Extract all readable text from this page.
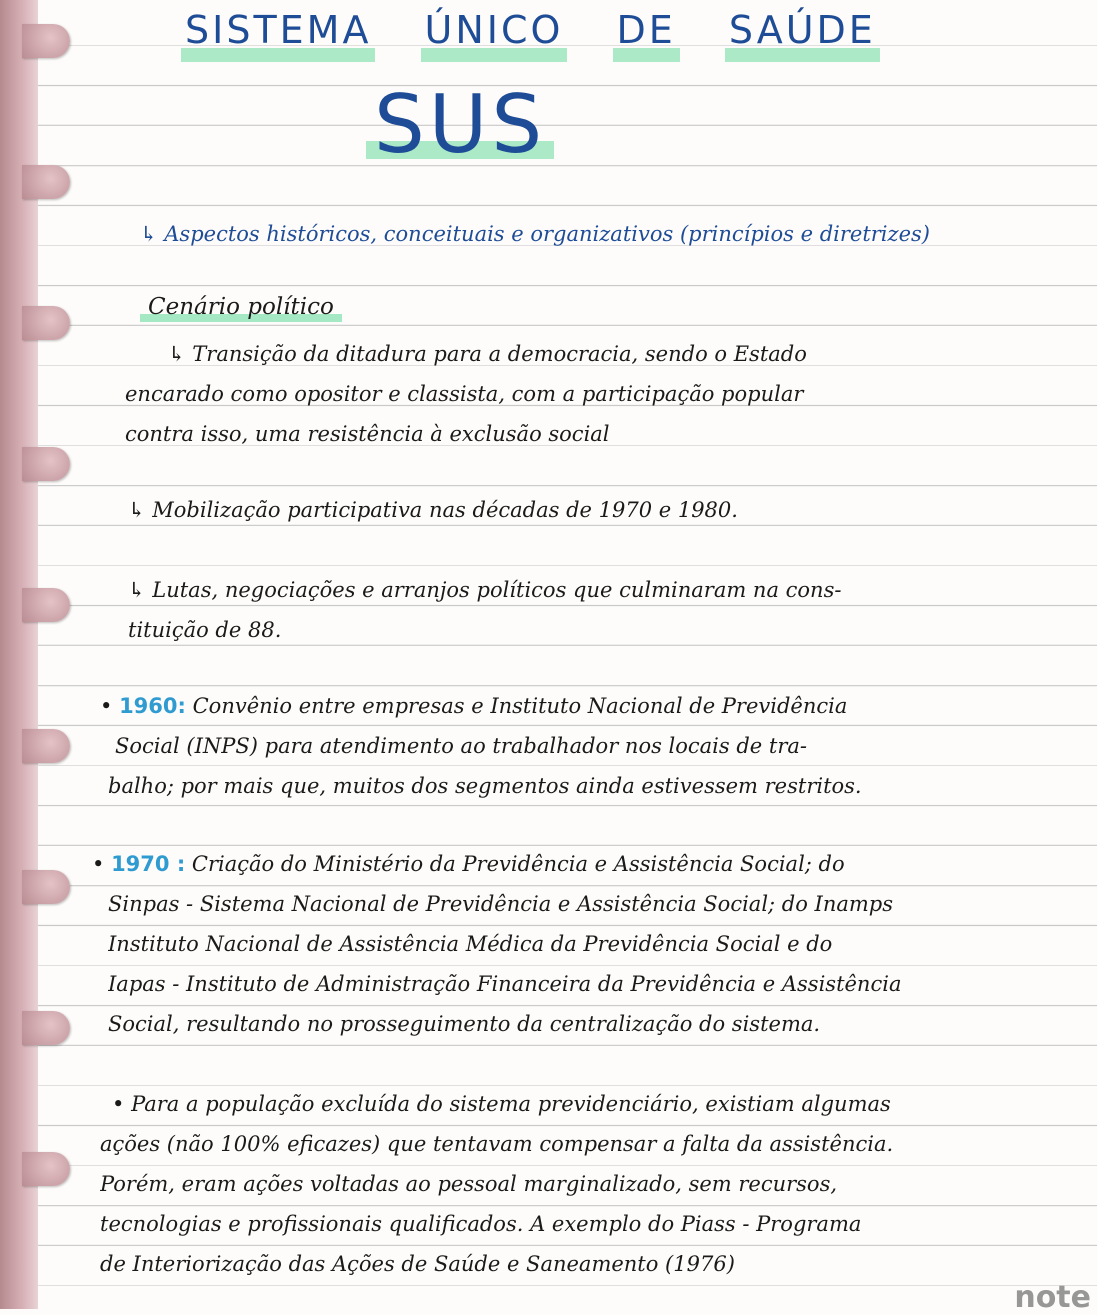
SISTEMA ÚNICO DE SAÚDE
SUS
↳ Aspectos históricos, conceituais e organizativos (princípios e diretrizes)
Cenário político
↳ Transição da ditadura para a democracia, sendo o Estado
encarado como opositor e classista, com a participação popular
contra isso, uma resistência à exclusão social
↳ Mobilização participativa nas décadas de 1970 e 1980.
↳ Lutas, negociações e arranjos políticos que culminaram na cons-
tituição de 88.
• 1960: Convênio entre empresas e Instituto Nacional de Previdência
Social (INPS) para atendimento ao trabalhador nos locais de tra-
balho; por mais que, muitos dos segmentos ainda estivessem restritos.
• 1970 : Criação do Ministério da Previdência e Assistência Social; do
Sinpas - Sistema Nacional de Previdência e Assistência Social; do Inamps
Instituto Nacional de Assistência Médica da Previdência Social e do
Iapas - Instituto de Administração Financeira da Previdência e Assistência
Social, resultando no prosseguimento da centralização do sistema.
• Para a população excluída do sistema previdenciário, existiam algumas
ações (não 100% eficazes) que tentavam compensar a falta da assistência.
Porém, eram ações voltadas ao pessoal marginalizado, sem recursos,
tecnologias e profissionais qualificados. A exemplo do Piass - Programa
de Interiorização das Ações de Saúde e Saneamento (1976)
note
